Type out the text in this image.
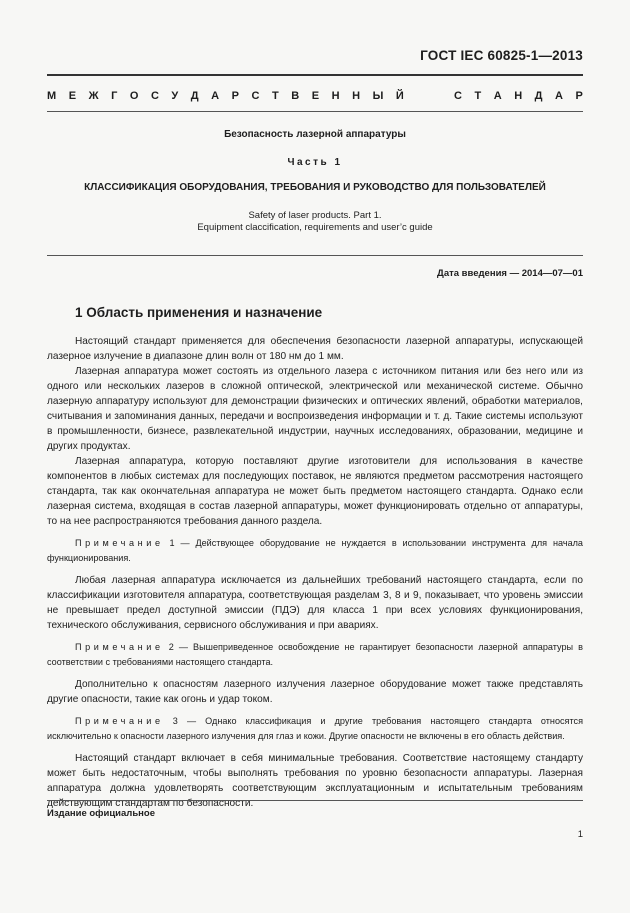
ГОСТ IEC 60825-1—2013
М Е Ж Г О С У Д А Р С Т В Е Н Н Ы Й	С Т А Н Д А Р
Безопасность лазерной аппаратуры
Часть 1
КЛАССИФИКАЦИЯ ОБОРУДОВАНИЯ, ТРЕБОВАНИЯ И РУКОВОДСТВО ДЛЯ ПОЛЬЗОВАТЕЛЕЙ
Safety of laser products. Part 1.
Equipment claccification, requirements and user’c guide
Дата введения — 2014—07—01
1 Область применения и назначение

Настоящий стандарт применяется для обеспечения безопасности лазерной аппаратуры, испускающей лазерное излучение в диапазоне длин волн от 180 нм до 1 мм.

Лазерная аппаратура может состоять из отдельного лазера с источником питания или без него или из одного или нескольких лазеров в сложной оптической, электрической или механической системе. Обычно лазерную аппаратуру используют для демонстрации физических и оптических явлений, обработки материалов, считывания и запоминания данных, передачи и воспроизведения информации и т. д. Такие системы используют в промышленности, бизнесе, развлекательной индустрии, научных исследованиях, образовании, медицине и других продуктах.

Лазерная аппаратура, которую поставляют другие изготовители для использования в качестве компонентов в любых системах для последующих поставок, не являются предметом рассмотрения настоящего стандарта, так как окончательная аппаратура не может быть предметом настоящего стандарта. Однако если лазерная система, входящая в состав лазерной аппаратуры, может функционировать отдельно от аппаратуры, то на нее распространяются требования данного раздела.

Примечание 1 — Действующее оборудование не нуждается в использовании инструмента для начала функционирования.

Любая лазерная аппаратура исключается из дальнейших требований настоящего стандарта, если по классификации изготовителя аппаратура, соответствующая разделам 3, 8 и 9, показывает, что уровень эмиссии не превышает предел доступной эмиссии (ПДЭ) для класса 1 при всех условиях функционирования, технического обслуживания, сервисного обслуживания и при авариях.

Примечание 2 — Вышеприведенное освобождение не гарантирует безопасности лазерной аппаратуры в соответствии с требованиями настоящего стандарта.

Дополнительно к опасностям лазерного излучения лазерное оборудование может также представлять другие опасности, такие как огонь и удар током.

Примечание 3 — Однако классификация и другие требования настоящего стандарта относятся исключительно к опасности лазерного излучения для глаз и кожи. Другие опасности не включены в его область действия.

Настоящий стандарт включает в себя минимальные требования. Соответствие настоящему стандарту может быть недостаточным, чтобы выполнять требования по уровню безопасности аппаратуры. Лазерная аппаратура должна удовлетворять соответствующим эксплуатационным и испытательным требованиям действующим стандартам по безопасности.

Издание официальное
1
